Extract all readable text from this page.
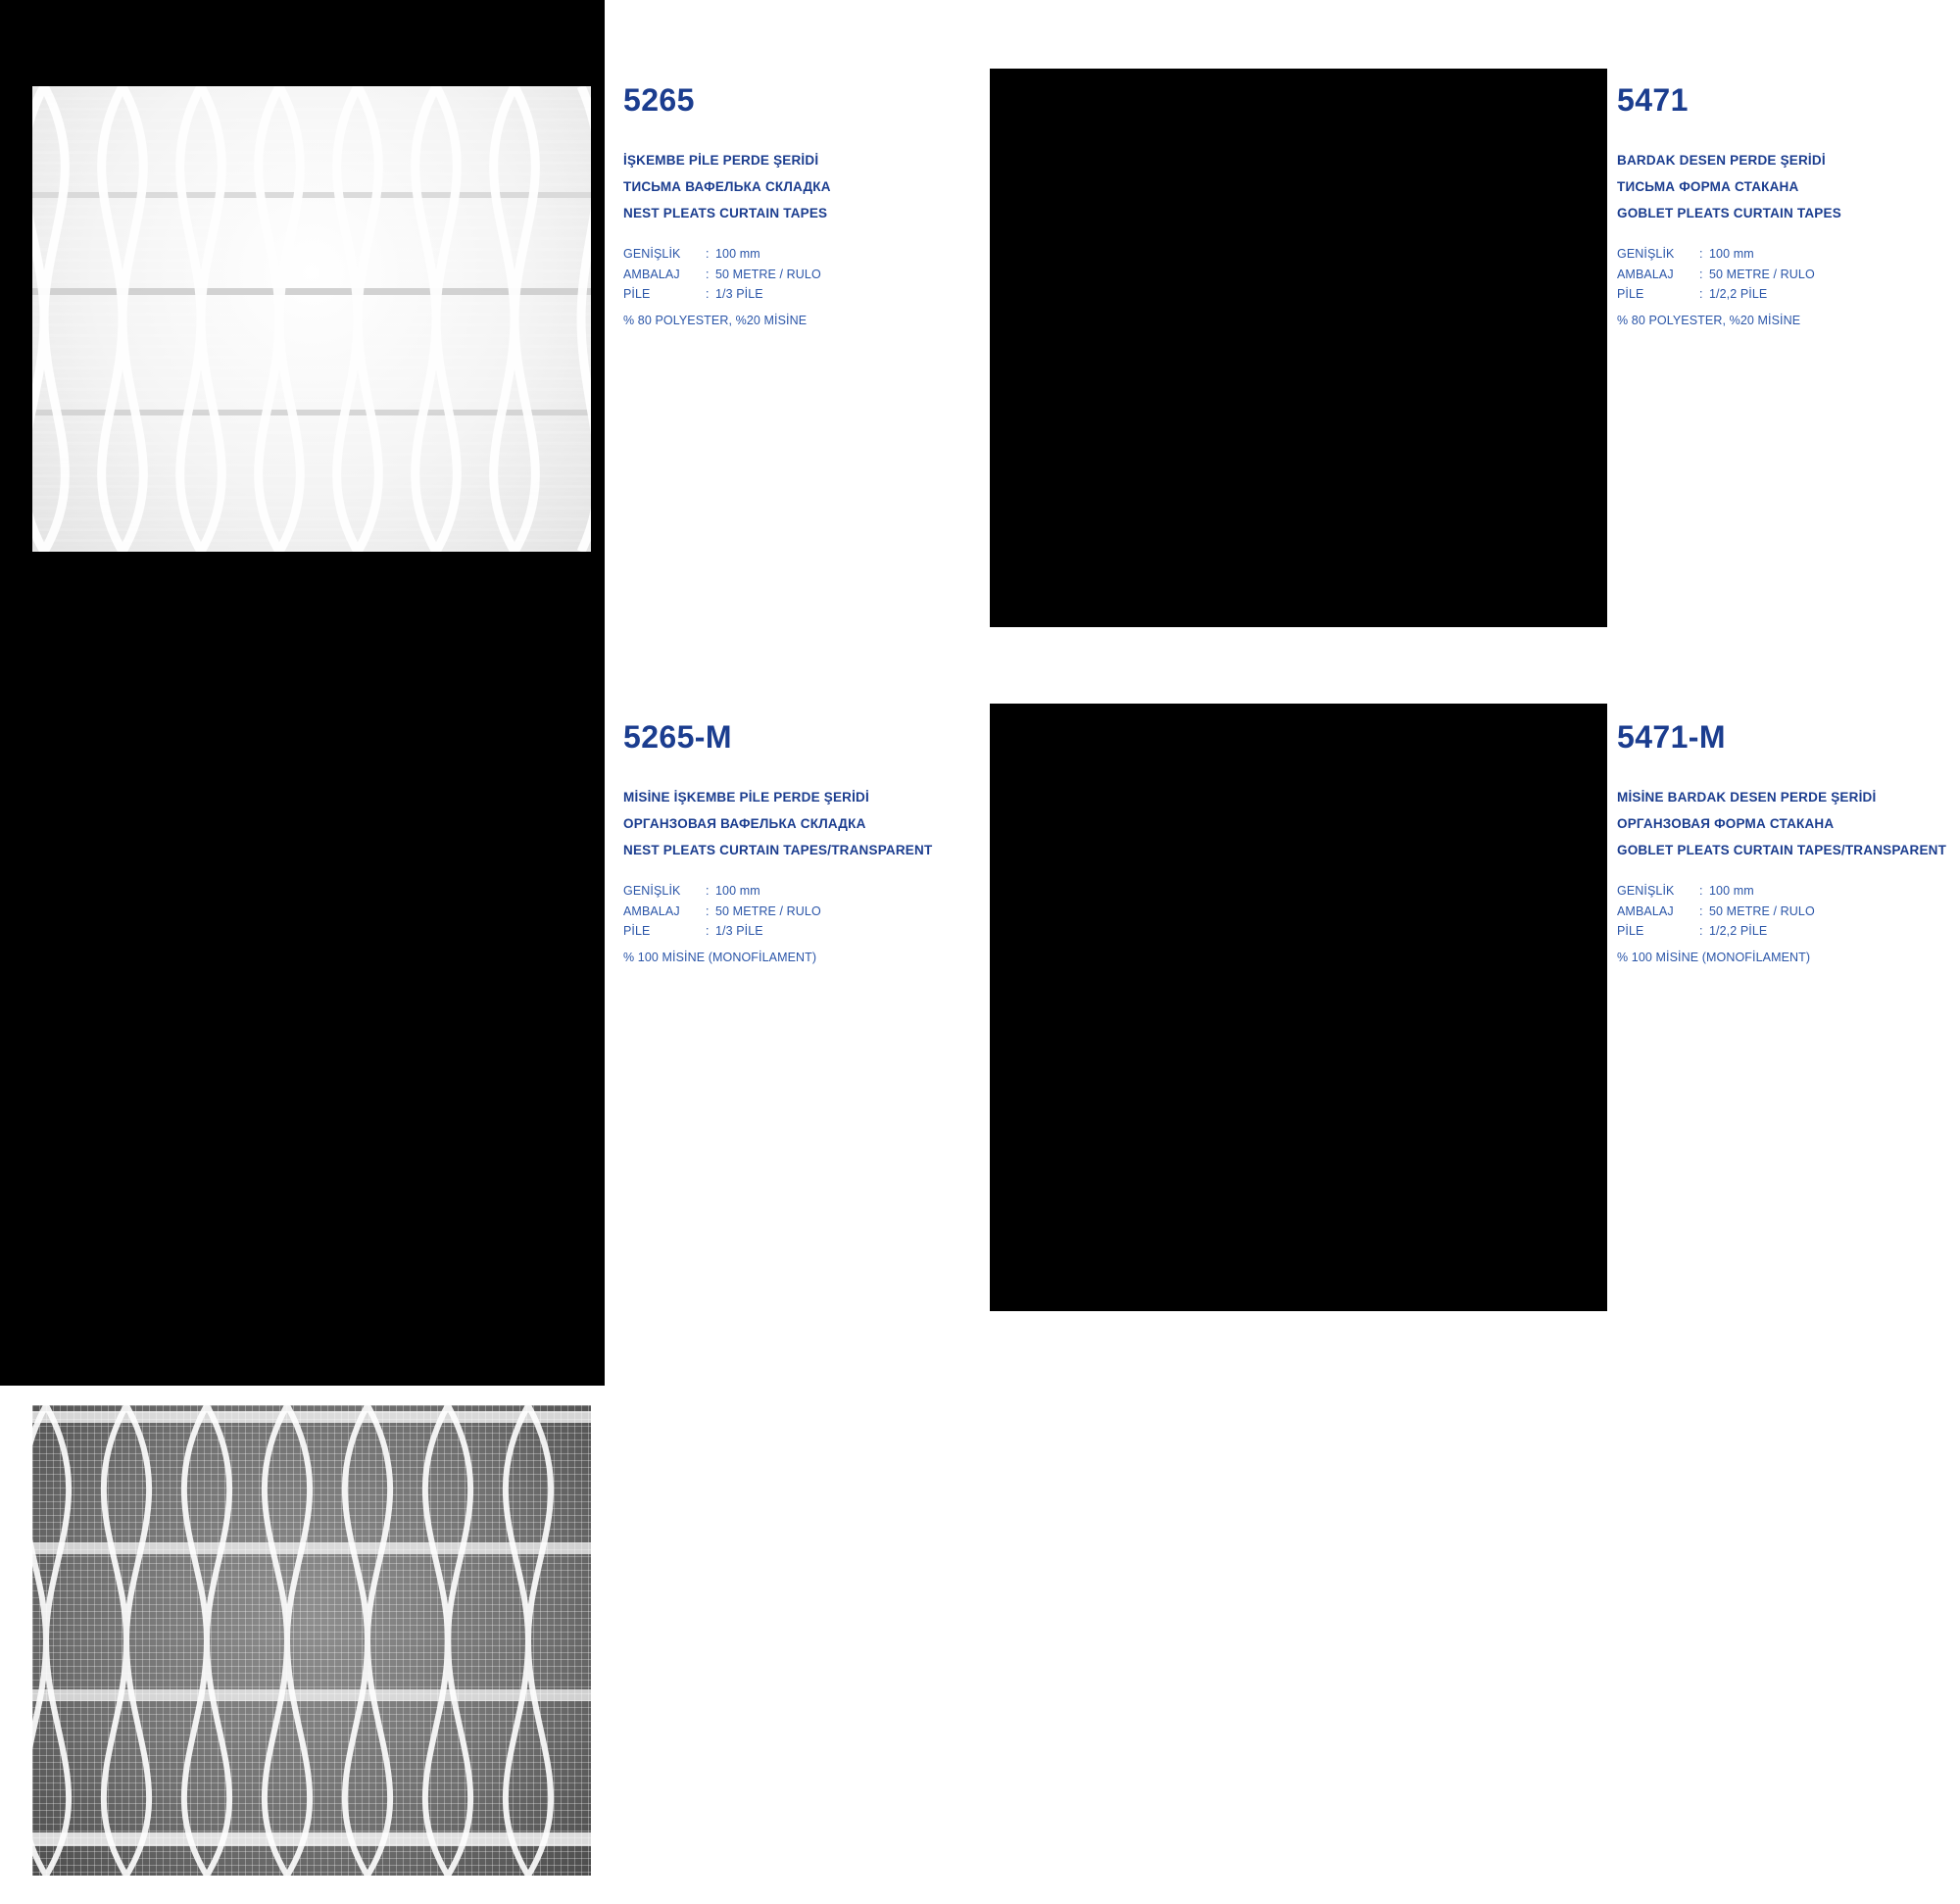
5265
İŞKEMBE PİLE PERDE ŞERİDİ
ТИСЬМА ВАФЕЛЬКА СКЛАДКА
NEST PLEATS CURTAIN TAPES
GENİŞLİK : 100 mm
AMBALAJ : 50 METRE / RULO
PİLE	: 1/3 PİLE
% 80 POLYESTER, %20 MİSİNE
5471
BARDAK DESEN PERDE ŞERİDİ
ТИСЬМА ФОРМА СТАКАНА
GOBLET PLEATS CURTAIN TAPES
GENİŞLİK : 100 mm
AMBALAJ : 50 METRE / RULO
PİLE	: 1/2,2 PİLE
% 80 POLYESTER, %20 MİSİNE
5265-M
MİSİNE İŞKEMBE PİLE PERDE ŞERİDİ
ОРГАНЗОВАЯ ВАФЕЛЬКА СКЛАДКА
NEST PLEATS CURTAIN TAPES/TRANSPARENT
GENİŞLİK : 100 mm
AMBALAJ : 50 METRE / RULO
PİLE	: 1/3 PİLE
% 100 MİSİNE (MONOFİLAMENT)
5471-M
MİSİNE BARDAK DESEN PERDE ŞERİDİ
ОРГАНЗОВАЯ ФОРМА СТАКАНА
GOBLET PLEATS CURTAIN TAPES/TRANSPARENT
GENİŞLİK : 100 mm
AMBALAJ : 50 METRE / RULO
PİLE	: 1/2,2 PİLE
% 100 MİSİNE (MONOFİLAMENT)
